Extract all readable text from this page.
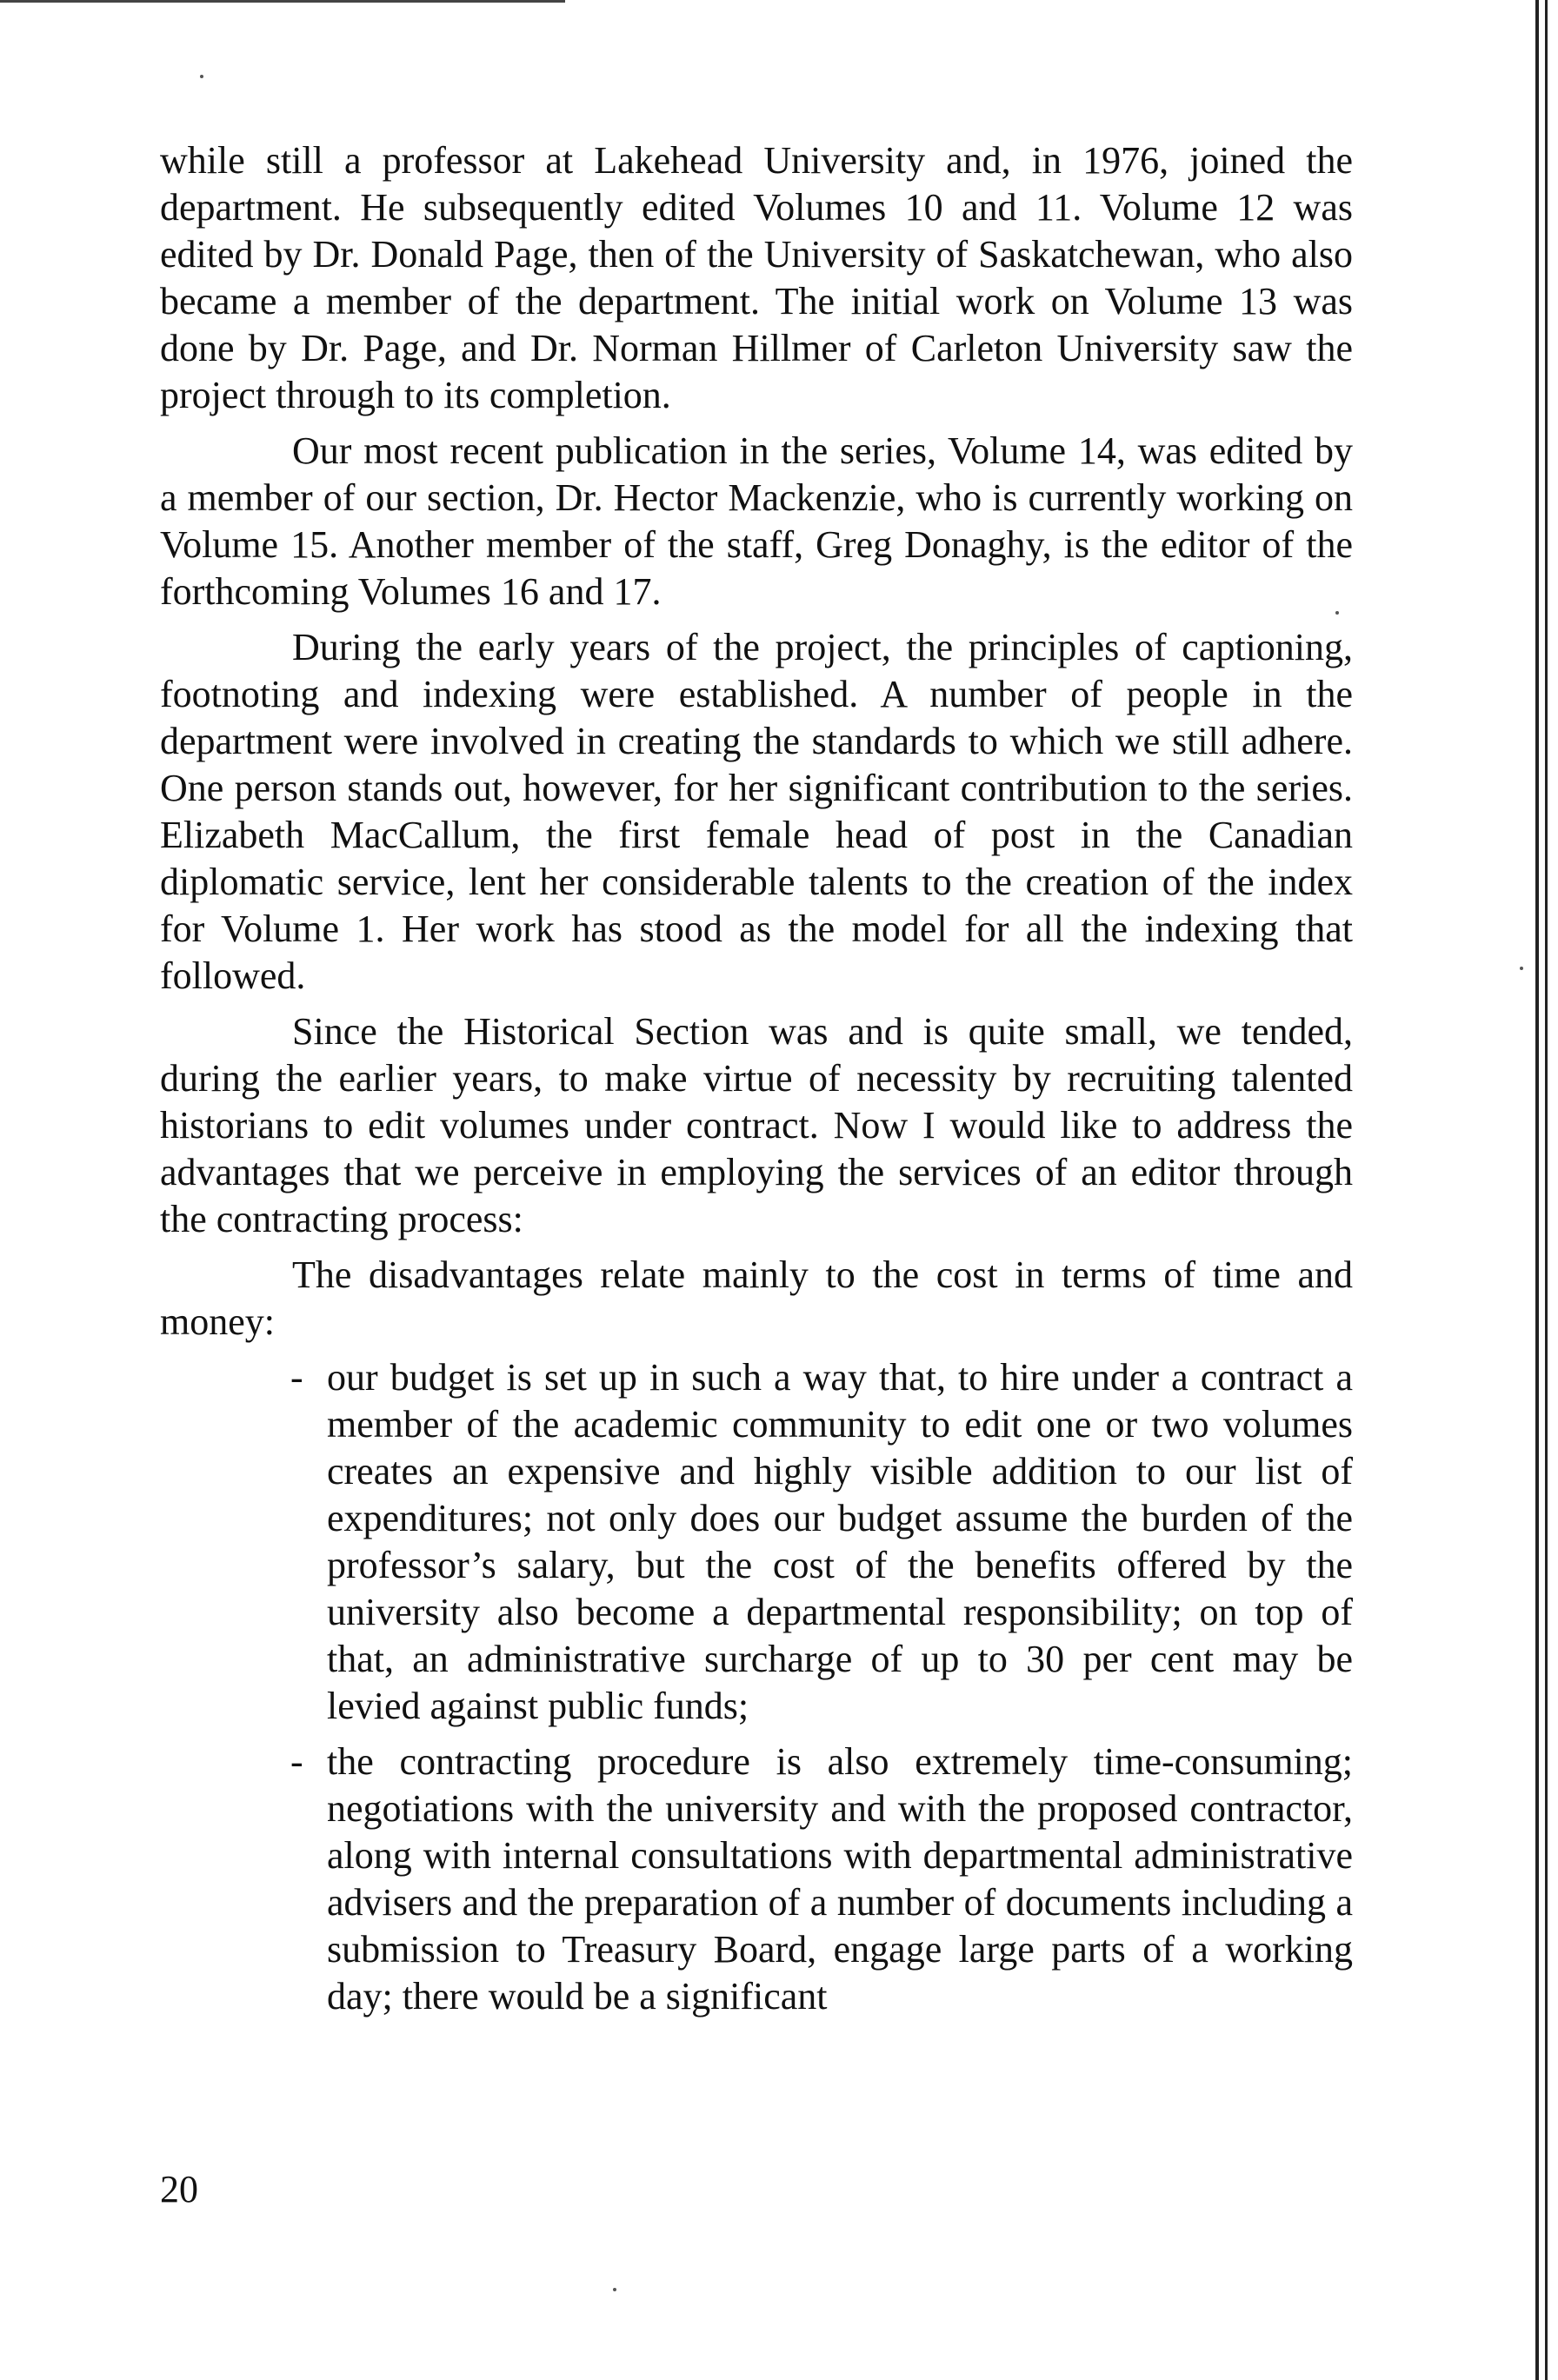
while still a professor at Lakehead University and, in 1976, joined the department. He subsequently edited Volumes 10 and 11. Volume 12 was edited by Dr. Donald Page, then of the University of Saskatchewan, who also became a member of the department. The initial work on Volume 13 was done by Dr. Page, and Dr. Norman Hillmer of Carleton University saw the project through to its completion.

Our most recent publication in the series, Volume 14, was edited by a member of our section, Dr. Hector Mackenzie, who is currently working on Volume 15. Another member of the staff, Greg Donaghy, is the editor of the forthcoming Volumes 16 and 17.

During the early years of the project, the principles of captioning, footnoting and indexing were established. A number of people in the department were involved in creating the standards to which we still adhere. One person stands out, however, for her significant contribution to the series. Elizabeth MacCallum, the first female head of post in the Canadian diplomatic service, lent her considerable talents to the creation of the index for Volume 1. Her work has stood as the model for all the indexing that followed.

Since the Historical Section was and is quite small, we tended, during the earlier years, to make virtue of necessity by recruiting talented historians to edit volumes under contract. Now I would like to address the advantages that we perceive in employing the services of an editor through the contracting process:

The disadvantages relate mainly to the cost in terms of time and money:

- our budget is set up in such a way that, to hire under a contract a member of the academic community to edit one or two volumes creates an expensive and highly visible addition to our list of expenditures; not only does our budget assume the burden of the professor’s salary, but the cost of the benefits offered by the university also become a departmental responsibility; on top of that, an administrative surcharge of up to 30 per cent may be levied against public funds;
- the contracting procedure is also extremely time-consuming; negotiations with the university and with the proposed contractor, along with internal consultations with departmental administrative advisers and the preparation of a number of documents including a submission to Treasury Board, engage large parts of a working day; there would be a significant
20
